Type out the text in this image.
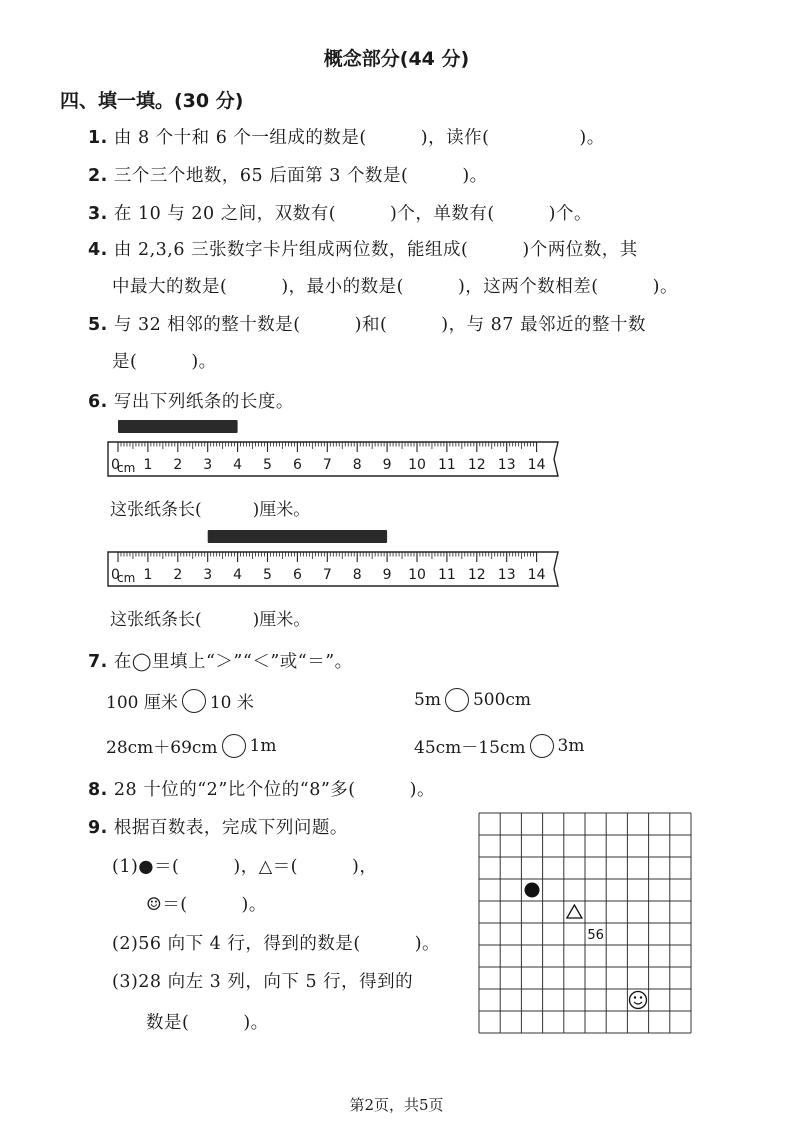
概念部分(44 分)
四、填一填。(30 分)
1. 由 8 个十和 6 个一组成的数是(　　　)，读作(　　　　　)。
2. 三个三个地数，65 后面第 3 个数是(　　　)。
3. 在 10 与 20 之间，双数有(　　　)个，单数有(　　　)个。
4. 由 2,3,6 三张数字卡片组成两位数，能组成(　　　)个两位数，其
中最大的数是(　　　)，最小的数是(　　　)，这两个数相差(　　　)。
5. 与 32 相邻的整十数是(　　　)和(　　　)，与 87 最邻近的整十数
是(　　　)。
6. 写出下列纸条的长度。
0 1 2 3 4 5 6 7 8 9 10 11 12 13 14
cm
这张纸条长(　　　)厘米。
0 1 2 3 4 5 6 7 8 9 10 11 12 13 14
cm
这张纸条长(　　　)厘米。
7. 在◯里填上“＞”“＜”或“＝”。
100 厘米 10 米	5m 500cm
28cm＋69cm 1m	45cm－15cm 3m
8. 28 十位的“2”比个位的“8”多(　　　)。
9. 根据百数表，完成下列问题。
(1)●＝(　　　)，△＝(　　　)，
☺＝(　　　)。
(2)56 向下 4 行，得到的数是(　　　)。
(3)28 向左 3 列，向下 5 行，得到的
数是(　　　)。
56
第2页，共5页
